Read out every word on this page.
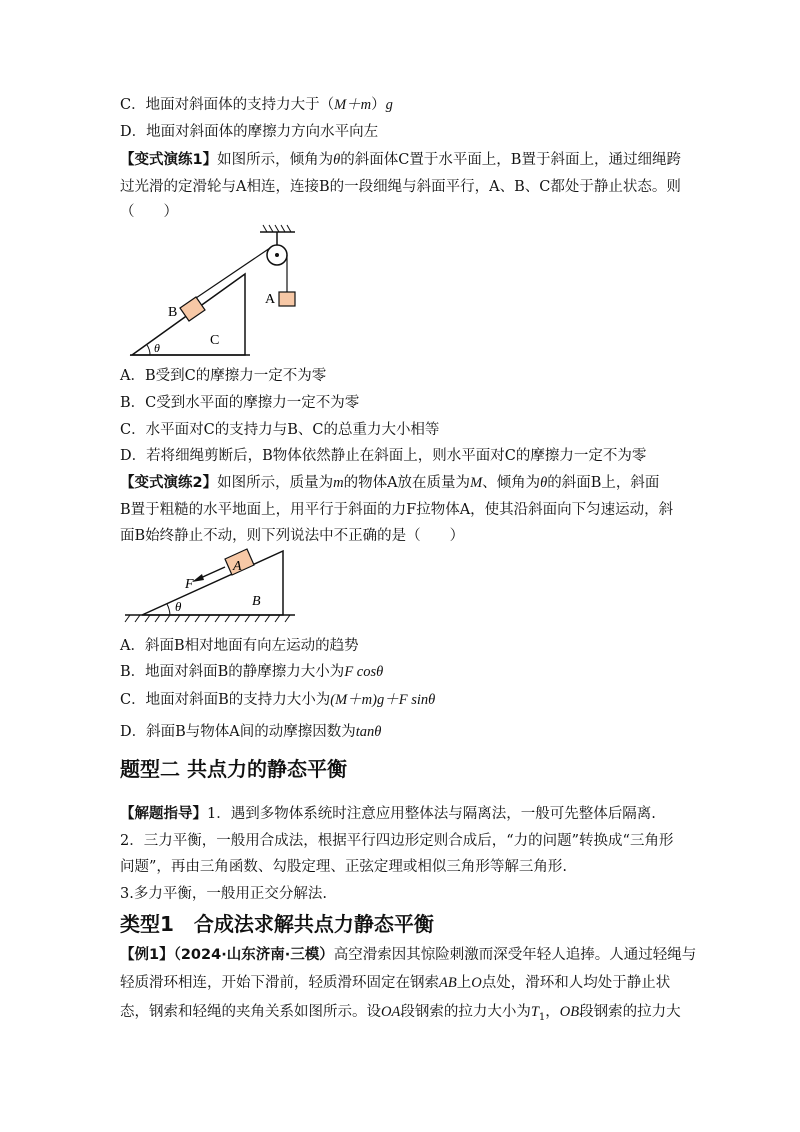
C．地面对斜面体的支持力大于（M＋m）g
D．地面对斜面体的摩擦力方向水平向左
【变式演练1】如图所示，倾角为θ的斜面体C置于水平面上，B置于斜面上，通过细绳跨
过光滑的定滑轮与A相连，连接B的一段细绳与斜面平行，A、B、C都处于静止状态。则
（　　）
A
B
C
θ
A．B受到C的摩擦力一定不为零
B．C受到水平面的摩擦力一定不为零
C．水平面对C的支持力与B、C的总重力大小相等
D．若将细绳剪断后，B物体依然静止在斜面上，则水平面对C的摩擦力一定不为零
【变式演练2】如图所示，质量为m的物体A放在质量为M、倾角为θ的斜面B上，斜面
B置于粗糙的水平地面上，用平行于斜面的力F拉物体A，使其沿斜面向下匀速运动，斜
面B始终静止不动，则下列说法中不正确的是（　　）
A
F
B
θ
A．斜面B相对地面有向左运动的趋势
B．地面对斜面B的静摩擦力大小为F cosθ
C．地面对斜面B的支持力大小为(M＋m)g＋F sinθ
D．斜面B与物体A间的动摩擦因数为tanθ
题型二 共点力的静态平衡
【解题指导】1．遇到多物体系统时注意应用整体法与隔离法，一般可先整体后隔离.
2．三力平衡，一般用合成法，根据平行四边形定则合成后，“力的问题”转换成“三角形
问题”，再由三角函数、勾股定理、正弦定理或相似三角形等解三角形.
3.多力平衡，一般用正交分解法.
类型1　合成法求解共点力静态平衡
【例1】（2024·山东济南·三模）高空滑索因其惊险刺激而深受年轻人追捧。人通过轻绳与
轻质滑环相连，开始下滑前，轻质滑环固定在钢索AB上O点处，滑环和人均处于静止状
态，钢索和轻绳的夹角关系如图所示。设OA段钢索的拉力大小为$T_1$，OB段钢索的拉力大
